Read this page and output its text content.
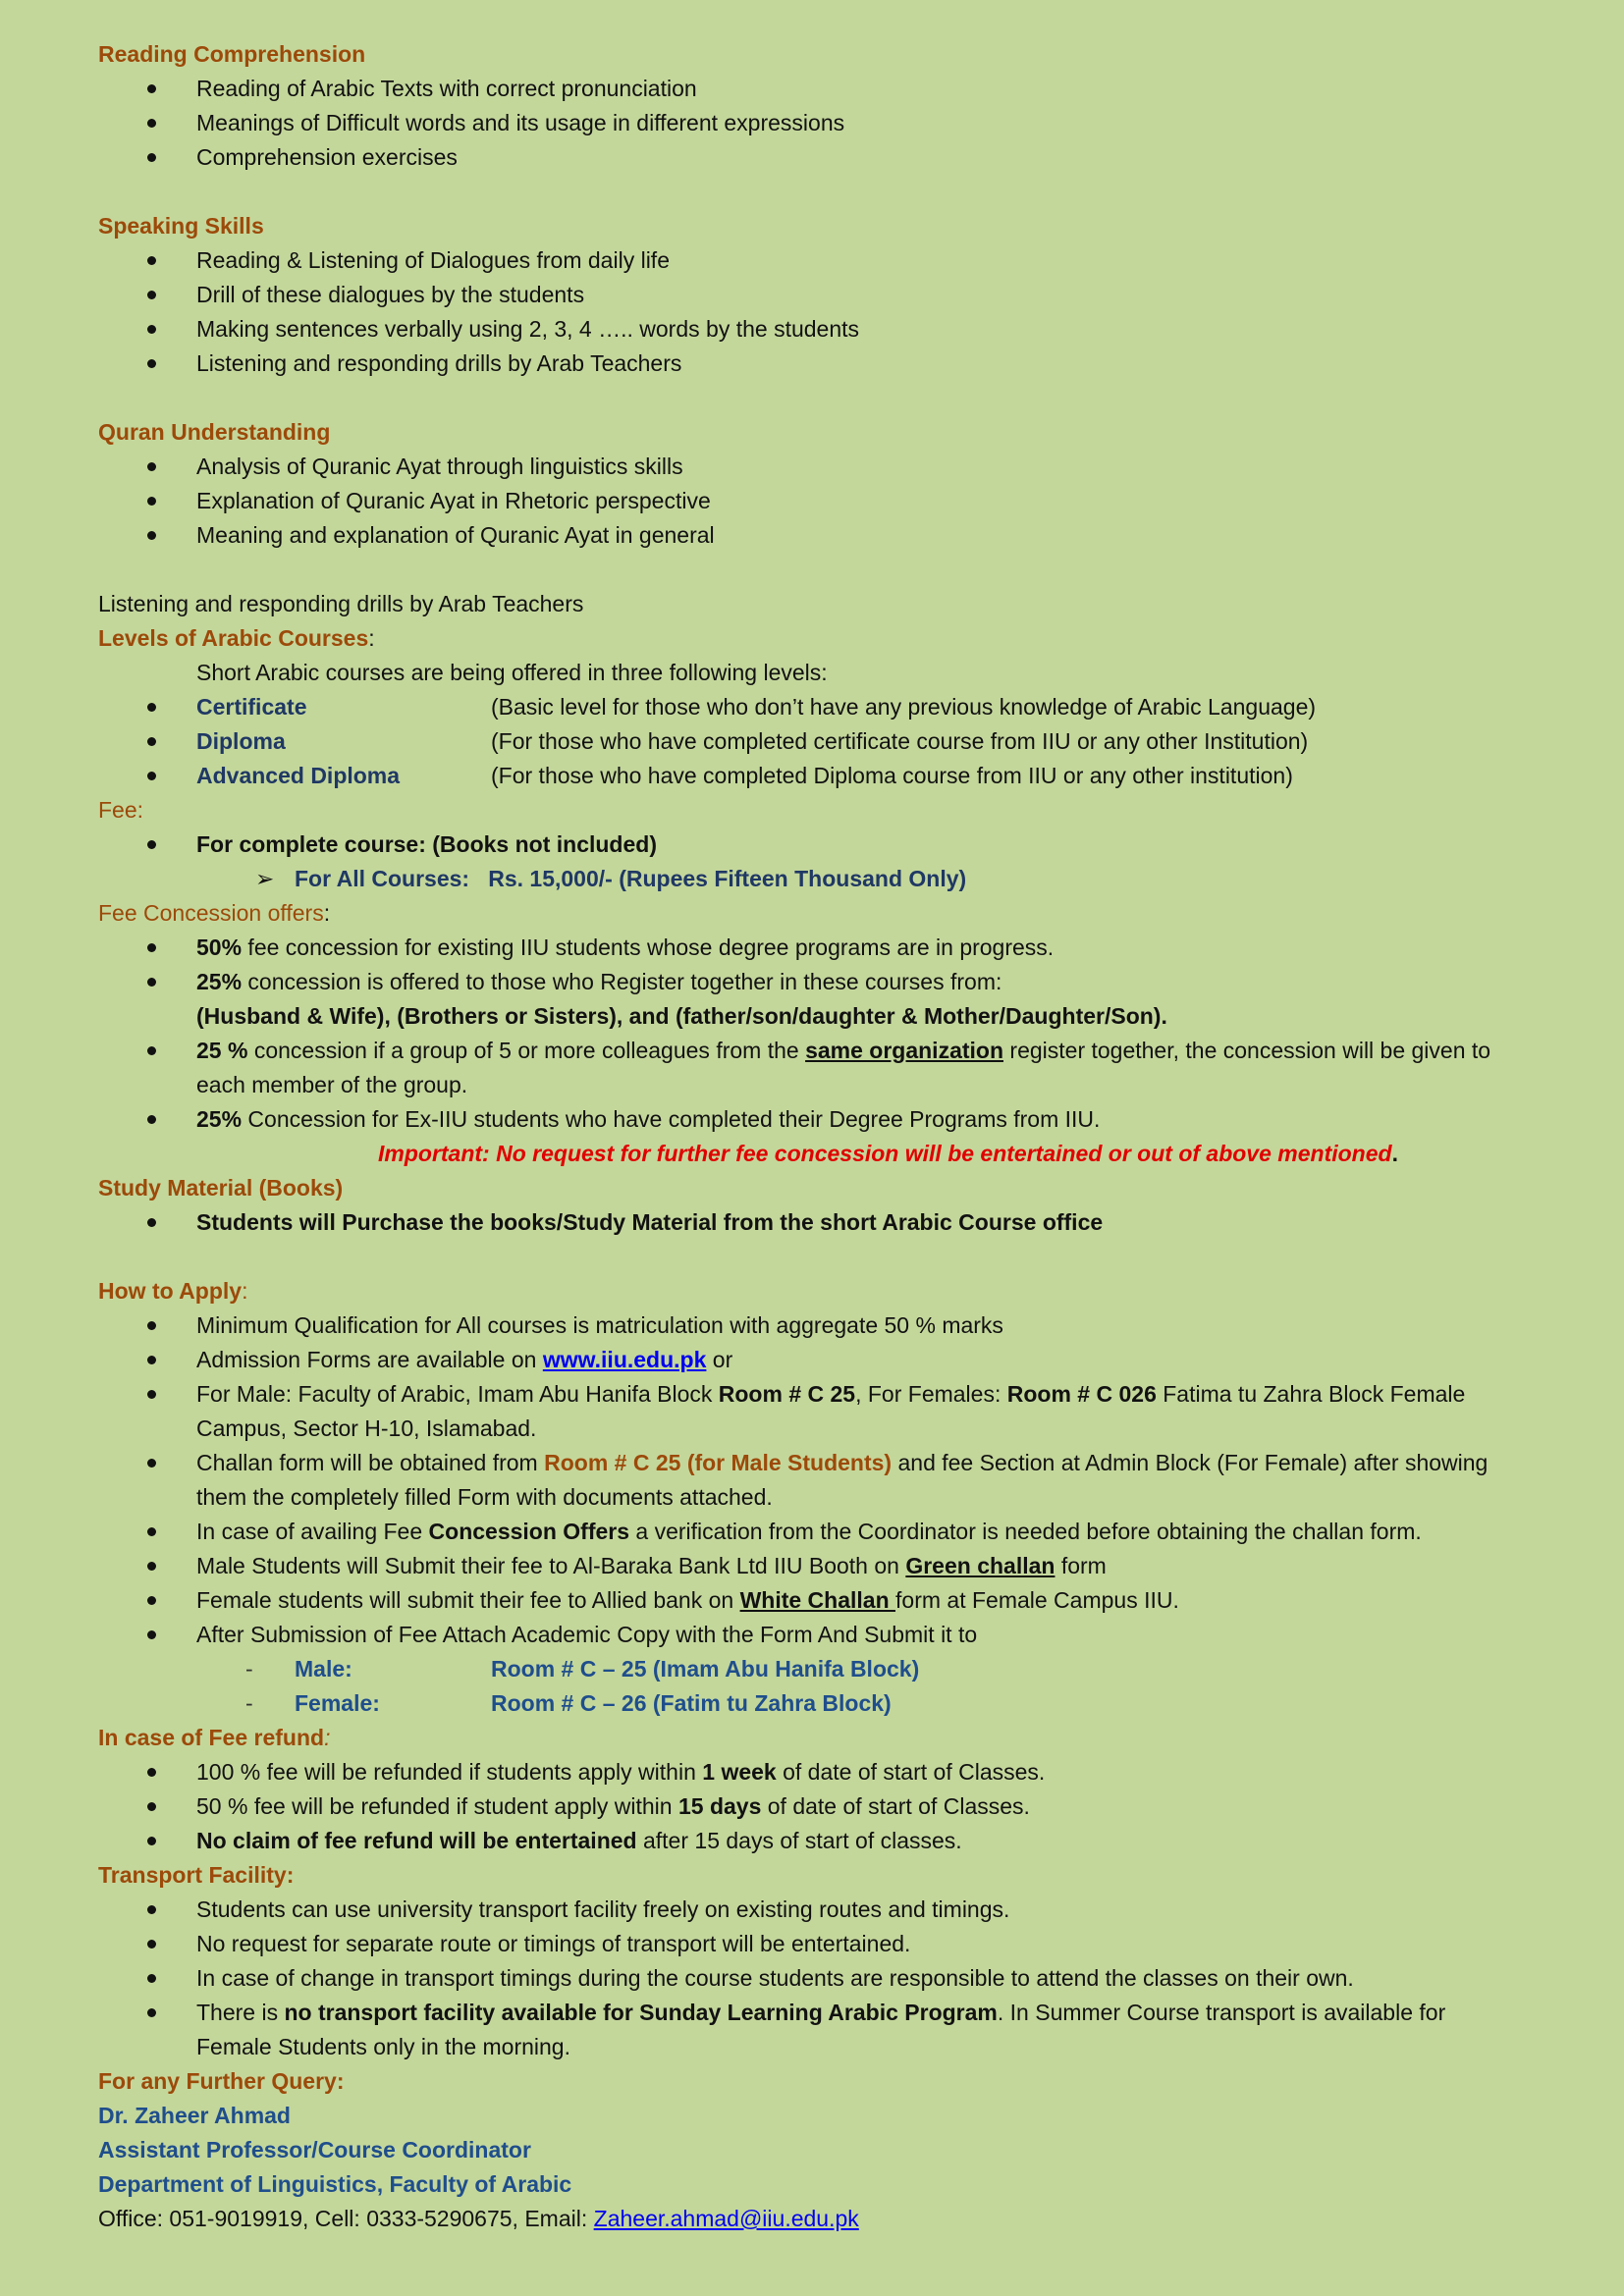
Reading Comprehension
Reading of Arabic Texts with correct pronunciation
Meanings of Difficult words and its usage in different expressions
Comprehension exercises
Speaking Skills
Reading & Listening of Dialogues from daily life
Drill of these dialogues by the students
Making sentences verbally using 2, 3, 4 ….. words by the students
Listening and responding drills by Arab Teachers
Quran Understanding
Analysis of Quranic Ayat through linguistics skills
Explanation of Quranic Ayat in Rhetoric perspective
Meaning and explanation of Quranic Ayat in general
Listening and responding drills by Arab Teachers
Levels of Arabic Courses:
Short Arabic courses are being offered in three following levels:
Certificate	(Basic level for those who don’t have any previous knowledge of Arabic Language)
Diploma	(For those who have completed certificate course from IIU or any other Institution)
Advanced Diploma	(For those who have completed Diploma course from IIU or any other institution)
Fee:
For complete course: (Books not included)
➢ For All Courses: Rs. 15,000/- (Rupees Fifteen Thousand Only)
Fee Concession offers:
50% fee concession for existing IIU students whose degree programs are in progress.
25% concession is offered to those who Register together in these courses from:
(Husband & Wife), (Brothers or Sisters), and (father/son/daughter & Mother/Daughter/Son).
25 % concession if a group of 5 or more colleagues from the same organization register together, the concession will be given to each member of the group.
25% Concession for Ex-IIU students who have completed their Degree Programs from IIU.
Important: No request for further fee concession will be entertained or out of above mentioned.
Study Material (Books)
Students will Purchase the books/Study Material from the short Arabic Course office
How to Apply:
Minimum Qualification for All courses is matriculation with aggregate 50 % marks
Admission Forms are available on www.iiu.edu.pk or
For Male: Faculty of Arabic, Imam Abu Hanifa Block Room # C 25, For Females: Room # C 026 Fatima tu Zahra Block Female Campus, Sector H-10, Islamabad.
Challan form will be obtained from Room # C 25 (for Male Students) and fee Section at Admin Block (For Female) after showing them the completely filled Form with documents attached.
In case of availing Fee Concession Offers a verification from the Coordinator is needed before obtaining the challan form.
Male Students will Submit their fee to Al-Baraka Bank Ltd IIU Booth on Green challan form
Female students will submit their fee to Allied bank on White Challan form at Female Campus IIU.
After Submission of Fee Attach Academic Copy with the Form And Submit it to
- Male:	Room # C – 25 (Imam Abu Hanifa Block)
- Female:	Room # C – 26 (Fatim tu Zahra Block)
In case of Fee refund:
100 % fee will be refunded if students apply within 1 week of date of start of Classes.
50 % fee will be refunded if student apply within 15 days of date of start of Classes.
No claim of fee refund will be entertained after 15 days of start of classes.
Transport Facility:
Students can use university transport facility freely on existing routes and timings.
No request for separate route or timings of transport will be entertained.
In case of change in transport timings during the course students are responsible to attend the classes on their own.
There is no transport facility available for Sunday Learning Arabic Program. In Summer Course transport is available for Female Students only in the morning.
For any Further Query:
Dr. Zaheer Ahmad
Assistant Professor/Course Coordinator
Department of Linguistics, Faculty of Arabic
Office: 051-9019919, Cell: 0333-5290675, Email: Zaheer.ahmad@iiu.edu.pk
